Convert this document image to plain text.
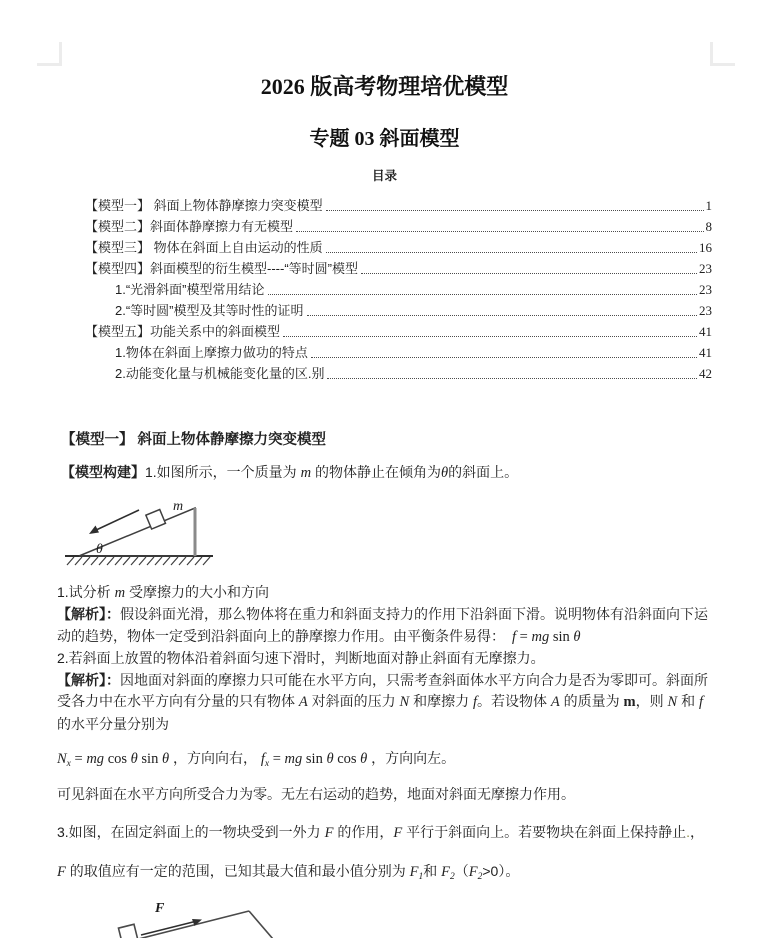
2026 版高考物理培优模型
专题 03 斜面模型
目录
【模型一】 斜面上物体静摩擦力突变模型	1
【模型二】斜面体静摩擦力有无模型	8
【模型三】 物体在斜面上自由运动的性质	16
【模型四】斜面模型的衍生模型----“等时圆”模型	23
1.“光滑斜面”模型常用结论	23
2.“等时圆”模型及其等时性的证明	23
【模型五】功能关系中的斜面模型	41
1.物体在斜面上摩擦力做功的特点	41
2.动能变化量与机械能变化量的区.别	42
【模型一】 斜面上物体静摩擦力突变模型
【模型构建】1.如图所示，一个质量为 m 的物体静止在倾角为θ的斜面上。
m
θ
1.试分析 m 受摩擦力的大小和方向
【解析】：假设斜面光滑，那么物体将在重力和斜面支持力的作用下沿斜面下滑。说明物体有沿斜面向下运动的趋势，物体一定受到沿斜面向上的静摩擦力作用。由平衡条件易得：　f = mg sin θ
2.若斜面上放置的物体沿着斜面匀速下滑时，判断地面对静止斜面有无摩擦力。
【解析】：因地面对斜面的摩擦力只可能在水平方向，只需考查斜面体水平方向合力是否为零即可。斜面所受各力中在水平方向有分量的只有物体 A 对斜面的压力 N 和摩擦力 f。若设物体 A 的质量为 m，则 N 和 f 的水平分量分别为
$N_x$ = mg cos θ sin θ ，方向向右， $f_x$ = mg sin θ cos θ ，方向向左。
可见斜面在水平方向所受合力为零。无左右运动的趋势，地面对斜面无摩擦力作用。
3.如图，在固定斜面上的一物块受到一外力 F 的作用，F 平行于斜面向上。若要物块在斜面上保持静止.，F 的取值应有一定的范围，已知其最大值和最小值分别为 $F_1$和 $F_2(F_2>0)$。
F
